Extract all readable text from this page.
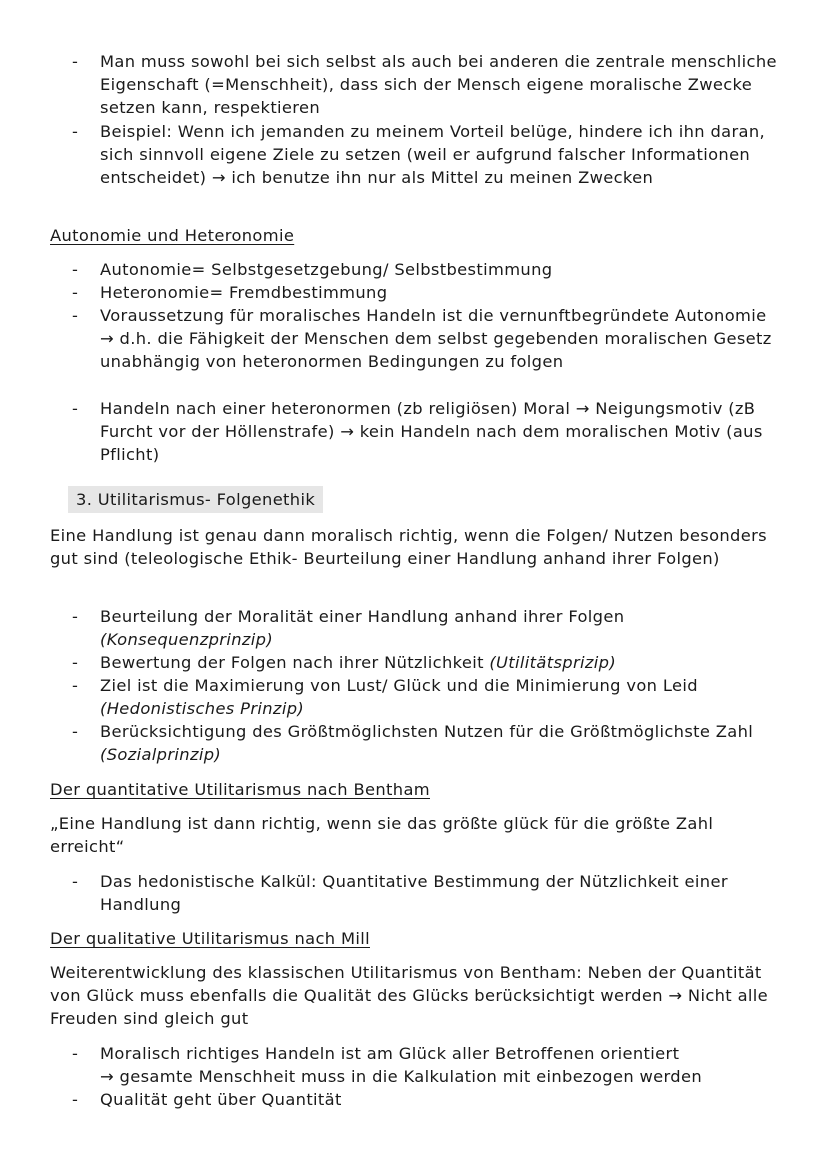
-	Man muss sowohl bei sich selbst als auch bei anderen die zentrale menschliche Eigenschaft (=Menschheit), dass sich der Mensch eigene moralische Zwecke setzen kann, respektieren
-	Beispiel: Wenn ich jemanden zu meinem Vorteil belüge, hindere ich ihn daran, sich sinnvoll eigene Ziele zu setzen (weil er aufgrund falscher Informationen entscheidet) → ich benutze ihn nur als Mittel zu meinen Zwecken
Autonomie und Heteronomie
-	Autonomie= Selbstgesetzgebung/ Selbstbestimmung
-	Heteronomie= Fremdbestimmung
-	Voraussetzung für moralisches Handeln ist die vernunftbegründete Autonomie
→ d.h. die Fähigkeit der Menschen dem selbst gegebenden moralischen Gesetz unabhängig von heteronormen Bedingungen zu folgen
-	Handeln nach einer heteronormen (zb religiösen) Moral → Neigungsmotiv (zB Furcht vor der Höllenstrafe) → kein Handeln nach dem moralischen Motiv (aus Pflicht)
3. Utilitarismus- Folgenethik
Eine Handlung ist genau dann moralisch richtig, wenn die Folgen/ Nutzen besonders gut sind (teleologische Ethik- Beurteilung einer Handlung anhand ihrer Folgen)
-	Beurteilung der Moralität einer Handlung anhand ihrer Folgen (Konsequenzprinzip)
-	Bewertung der Folgen nach ihrer Nützlichkeit (Utilitätsprizip)
-	Ziel ist die Maximierung von Lust/ Glück und die Minimierung von Leid (Hedonistisches Prinzip)
-	Berücksichtigung des Größtmöglichsten Nutzen für die Größtmöglichste Zahl (Sozialprinzip)
Der quantitative Utilitarismus nach Bentham
„Eine Handlung ist dann richtig, wenn sie das größte glück für die größte Zahl erreicht“
-	Das hedonistische Kalkül: Quantitative Bestimmung der Nützlichkeit einer Handlung
Der qualitative Utilitarismus nach Mill
Weiterentwicklung des klassischen Utilitarismus von Bentham: Neben der Quantität von Glück muss ebenfalls die Qualität des Glücks berücksichtigt werden → Nicht alle Freuden sind gleich gut
-	Moralisch richtiges Handeln ist am Glück aller Betroffenen orientiert
→ gesamte Menschheit muss in die Kalkulation mit einbezogen werden
-	Qualität geht über Quantität
